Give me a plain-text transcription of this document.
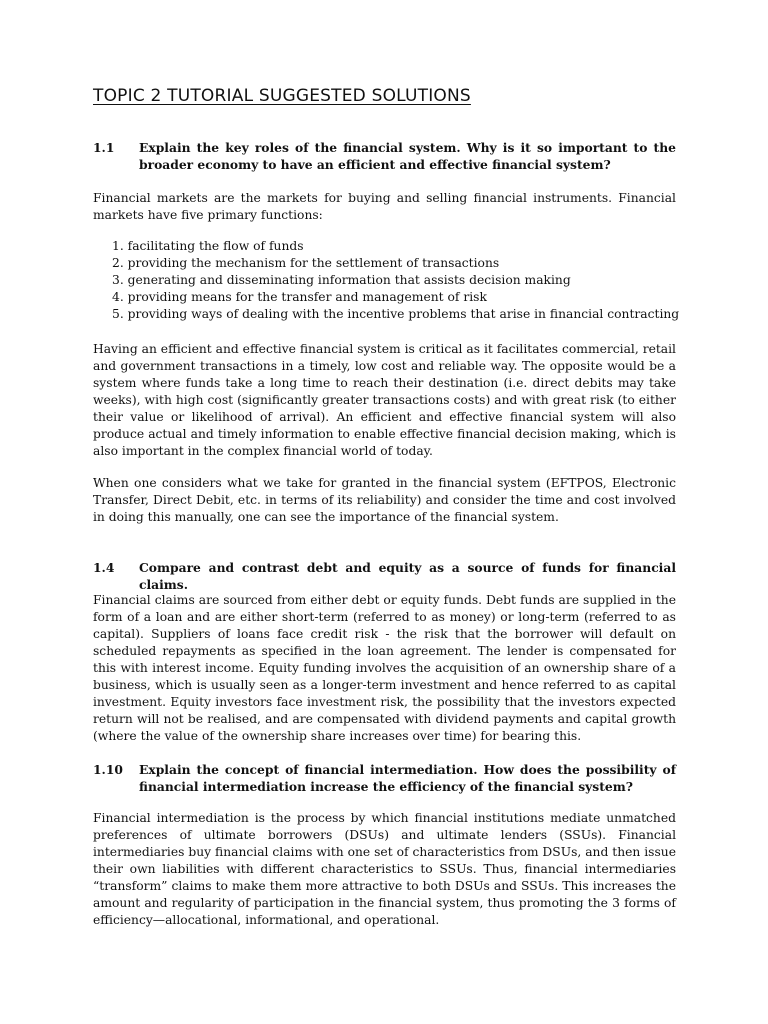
TOPIC 2 TUTORIAL SUGGESTED SOLUTIONS
1.1 Explain the key roles of the financial system. Why is it so important to the broader economy to have an efficient and effective financial system?

Financial markets are the markets for buying and selling financial instruments. Financial markets have five primary functions:

1. facilitating the flow of funds
2. providing the mechanism for the settlement of transactions
3. generating and disseminating information that assists decision making
4. providing means for the transfer and management of risk
5. providing ways of dealing with the incentive problems that arise in financial contracting

Having an efficient and effective financial system is critical as it facilitates commercial, retail and government transactions in a timely, low cost and reliable way. The opposite would be a system where funds take a long time to reach their destination (i.e. direct debits may take weeks), with high cost (significantly greater transactions costs) and with great risk (to either their value or likelihood of arrival). An efficient and effective financial system will also produce actual and timely information to enable effective financial decision making, which is also important in the complex financial world of today.

When one considers what we take for granted in the financial system (EFTPOS, Electronic Transfer, Direct Debit, etc. in terms of its reliability) and consider the time and cost involved in doing this manually, one can see the importance of the financial system.

1.4 Compare and contrast debt and equity as a source of funds for financial claims.

Financial claims are sourced from either debt or equity funds. Debt funds are supplied in the form of a loan and are either short-term (referred to as money) or long-term (referred to as capital). Suppliers of loans face credit risk - the risk that the borrower will default on scheduled repayments as specified in the loan agreement. The lender is compensated for this with interest income. Equity funding involves the acquisition of an ownership share of a business, which is usually seen as a longer-term investment and hence referred to as capital investment. Equity investors face investment risk, the possibility that the investors expected return will not be realised, and are compensated with dividend payments and capital growth (where the value of the ownership share increases over time) for bearing this.

1.10 Explain the concept of financial intermediation. How does the possibility of financial intermediation increase the efficiency of the financial system?

Financial intermediation is the process by which financial institutions mediate unmatched preferences of ultimate borrowers (DSUs) and ultimate lenders (SSUs). Financial intermediaries buy financial claims with one set of characteristics from DSUs, and then issue their own liabilities with different characteristics to SSUs. Thus, financial intermediaries “transform” claims to make them more attractive to both DSUs and SSUs. This increases the amount and regularity of participation in the financial system, thus promoting the 3 forms of efficiency—allocational, informational, and operational.
